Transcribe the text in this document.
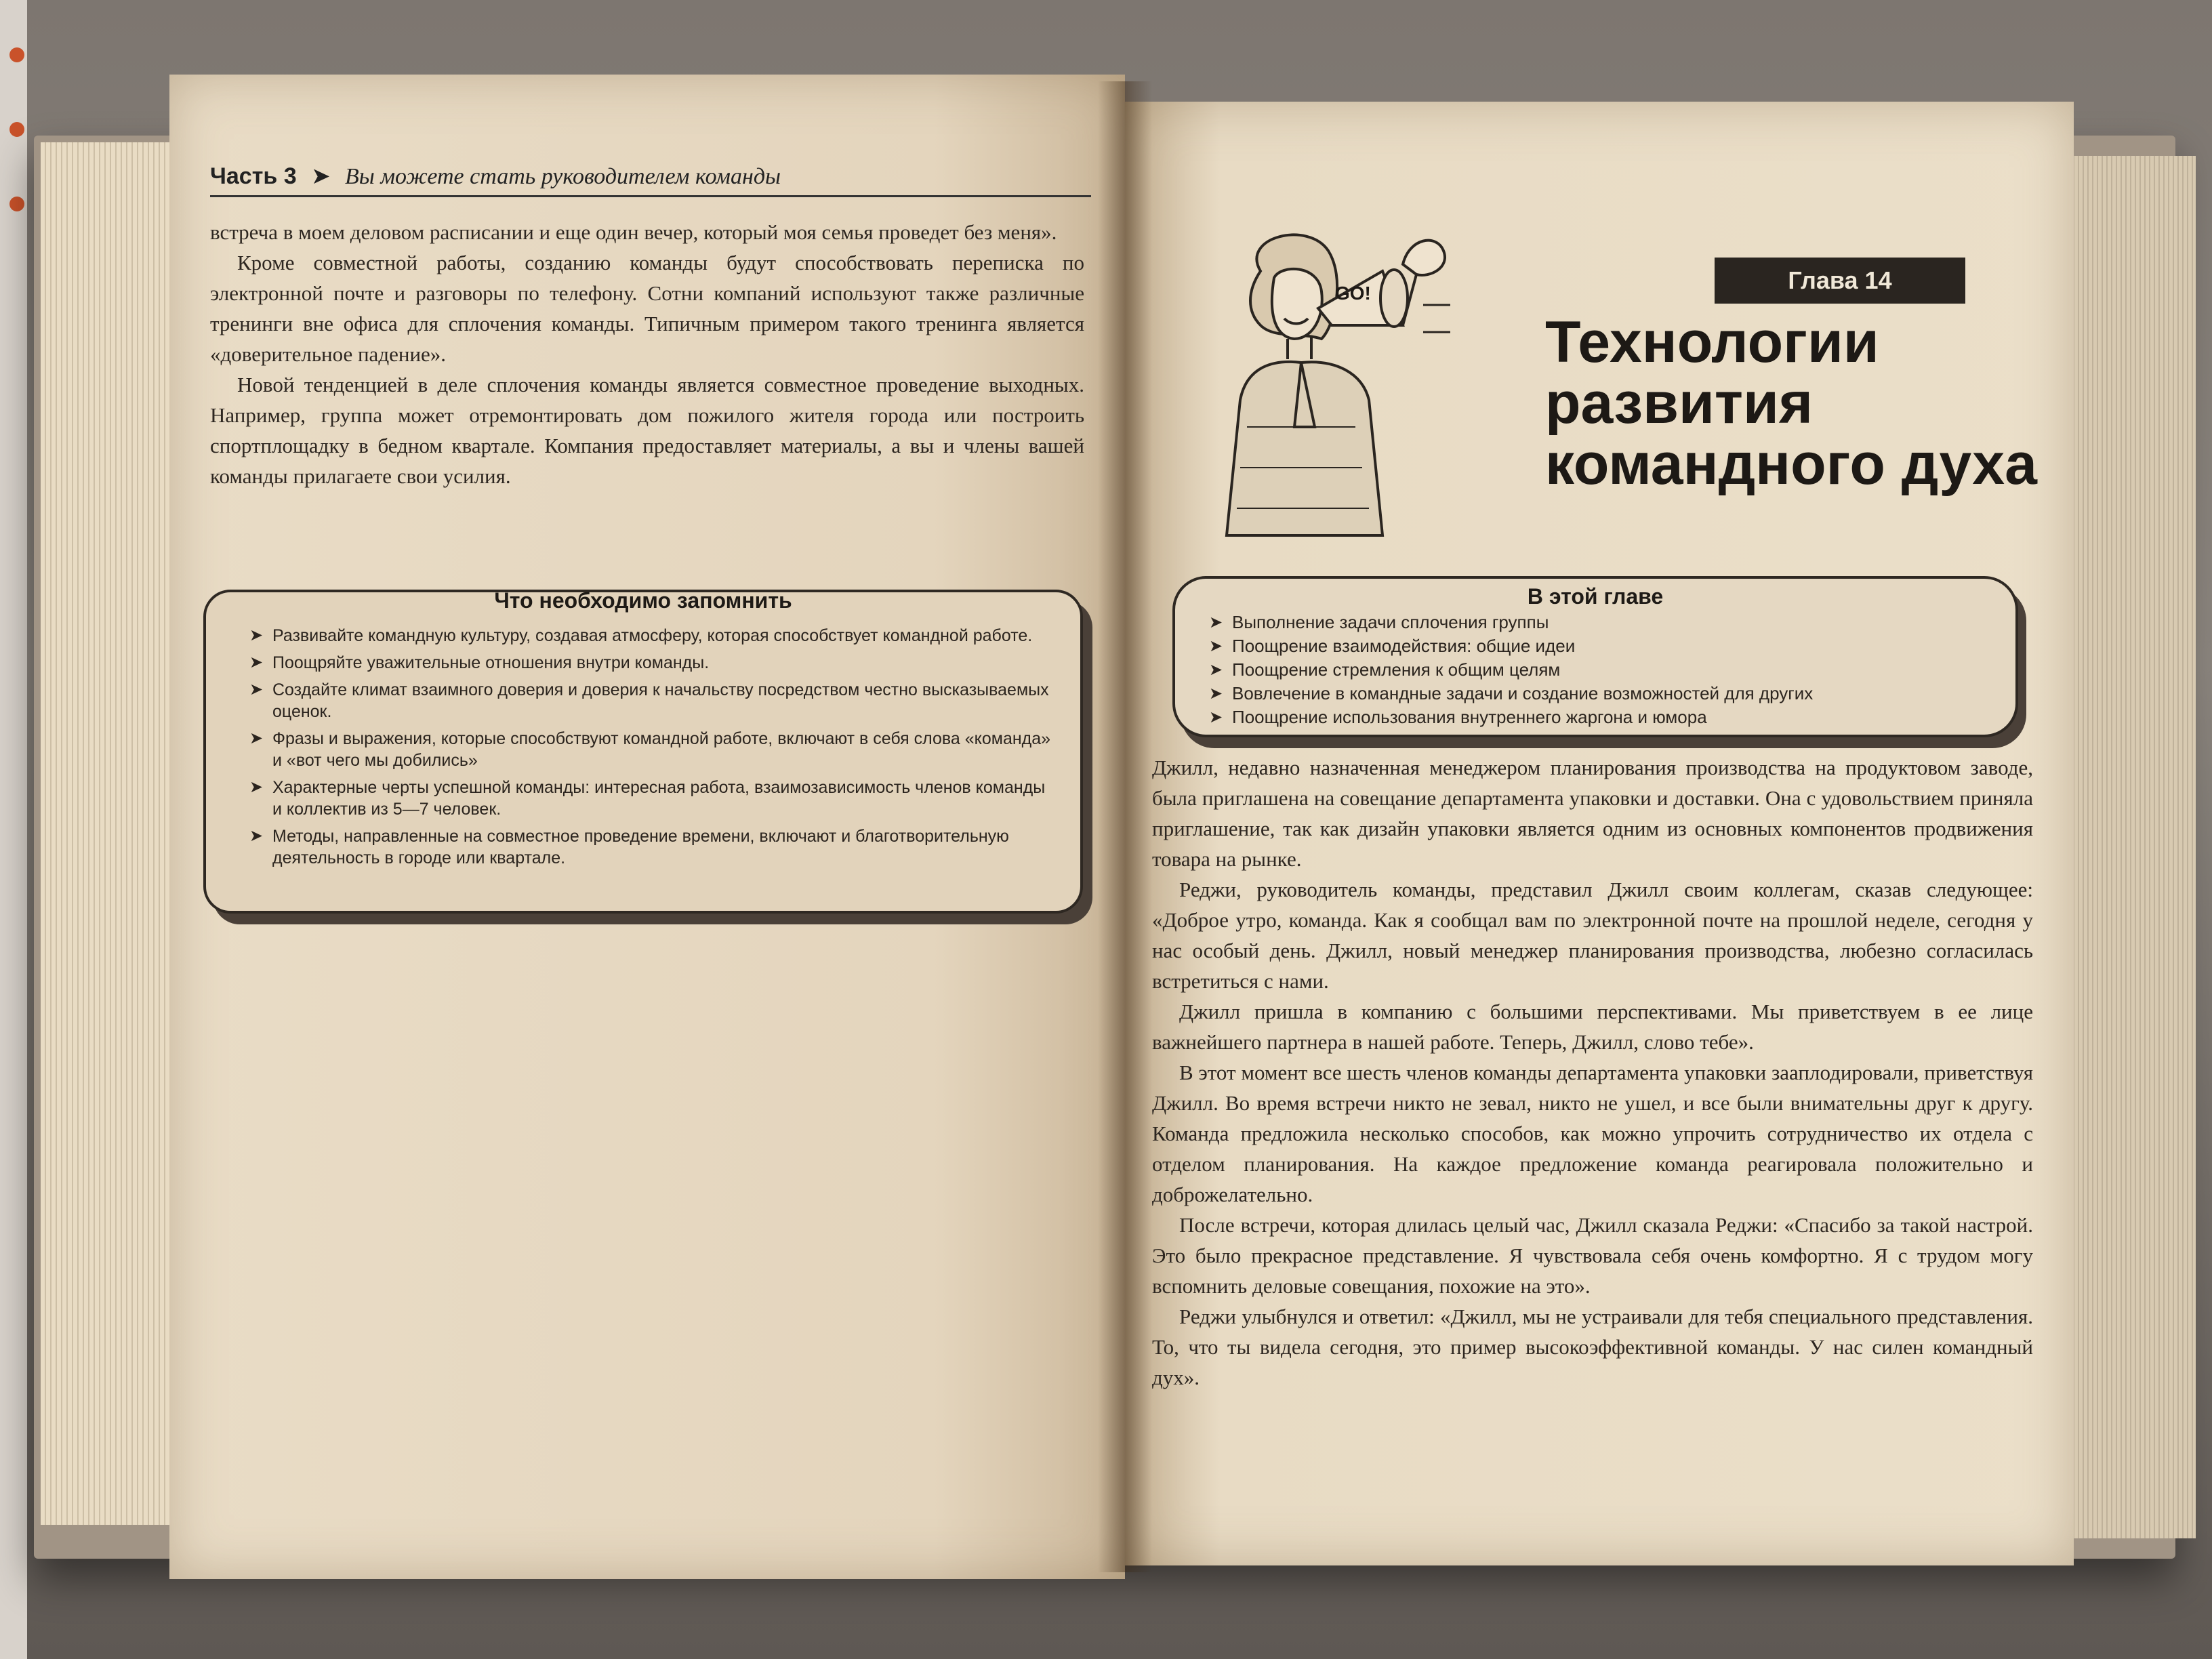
Часть 3 ➤ Вы можете стать руководителем команды

встреча в моем деловом расписании и еще один вечер, который моя семья проведет без меня».

Кроме совместной работы, созданию команды будут способствовать переписка по электронной почте и разговоры по телефону. Сотни компаний используют также различные тренинги вне офиса для сплочения команды. Типичным примером такого тренинга является «доверительное падение».

Новой тенденцией в деле сплочения команды является совместное проведение выходных. Например, группа может отремонтировать дом пожилого жителя города или построить спортплощадку в бедном квартале. Компания предоставляет материалы, а вы и члены вашей команды прилагаете свои усилия.

Что необходимо запомнить
➤ Развивайте командную культуру, создавая атмосферу, которая способствует командной работе.
➤ Поощряйте уважительные отношения внутри команды.
➤ Создайте климат взаимного доверия и доверия к начальству посредством честно высказываемых оценок.
➤ Фразы и выражения, которые способствуют командной работе, включают в себя слова «команда» и «вот чего мы добились»
➤ Характерные черты успешной команды: интересная работа, взаимозависимость членов команды и коллектив из 5—7 человек.
➤ Методы, направленные на совместное проведение времени, включают и благотворительную деятельность в городе или квартале.
GO!	Глава 14
Технологии
развития
командного духа
В этой главе
➤ Выполнение задачи сплочения группы
➤ Поощрение взаимодействия: общие идеи
➤ Поощрение стремления к общим целям
➤ Вовлечение в командные задачи и создание возможностей для других
➤ Поощрение использования внутреннего жаргона и юмора

Джилл, недавно назначенная менеджером планирования производства на продуктовом заводе, была приглашена на совещание департамента упаковки и доставки. Она с удовольствием приняла приглашение, так как дизайн упаковки является одним из основных компонентов продвижения товара на рынке.

Реджи, руководитель команды, представил Джилл своим коллегам, сказав следующее: «Доброе утро, команда. Как я сообщал вам по электронной почте на прошлой неделе, сегодня у нас особый день. Джилл, новый менеджер планирования производства, любезно согласилась встретиться с нами.

Джилл пришла в компанию с большими перспективами. Мы приветствуем в ее лице важнейшего партнера в нашей работе. Теперь, Джилл, слово тебе».

В этот момент все шесть членов команды департамента упаковки зааплодировали, приветствуя Джилл. Во время встречи никто не зевал, никто не ушел, и все были внимательны друг к другу. Команда предложила несколько способов, как можно упрочить сотрудничество их отдела с отделом планирования. На каждое предложение команда реагировала положительно и доброжелательно.

После встречи, которая длилась целый час, Джилл сказала Реджи: «Спасибо за такой настрой. Это было прекрасное представление. Я чувствовала себя очень комфортно. Я с трудом могу вспомнить деловые совещания, похожие на это».

Реджи улыбнулся и ответил: «Джилл, мы не устраивали для тебя специального представления. То, что ты видела сегодня, это пример высокоэффективной команды. У нас силен командный дух».
